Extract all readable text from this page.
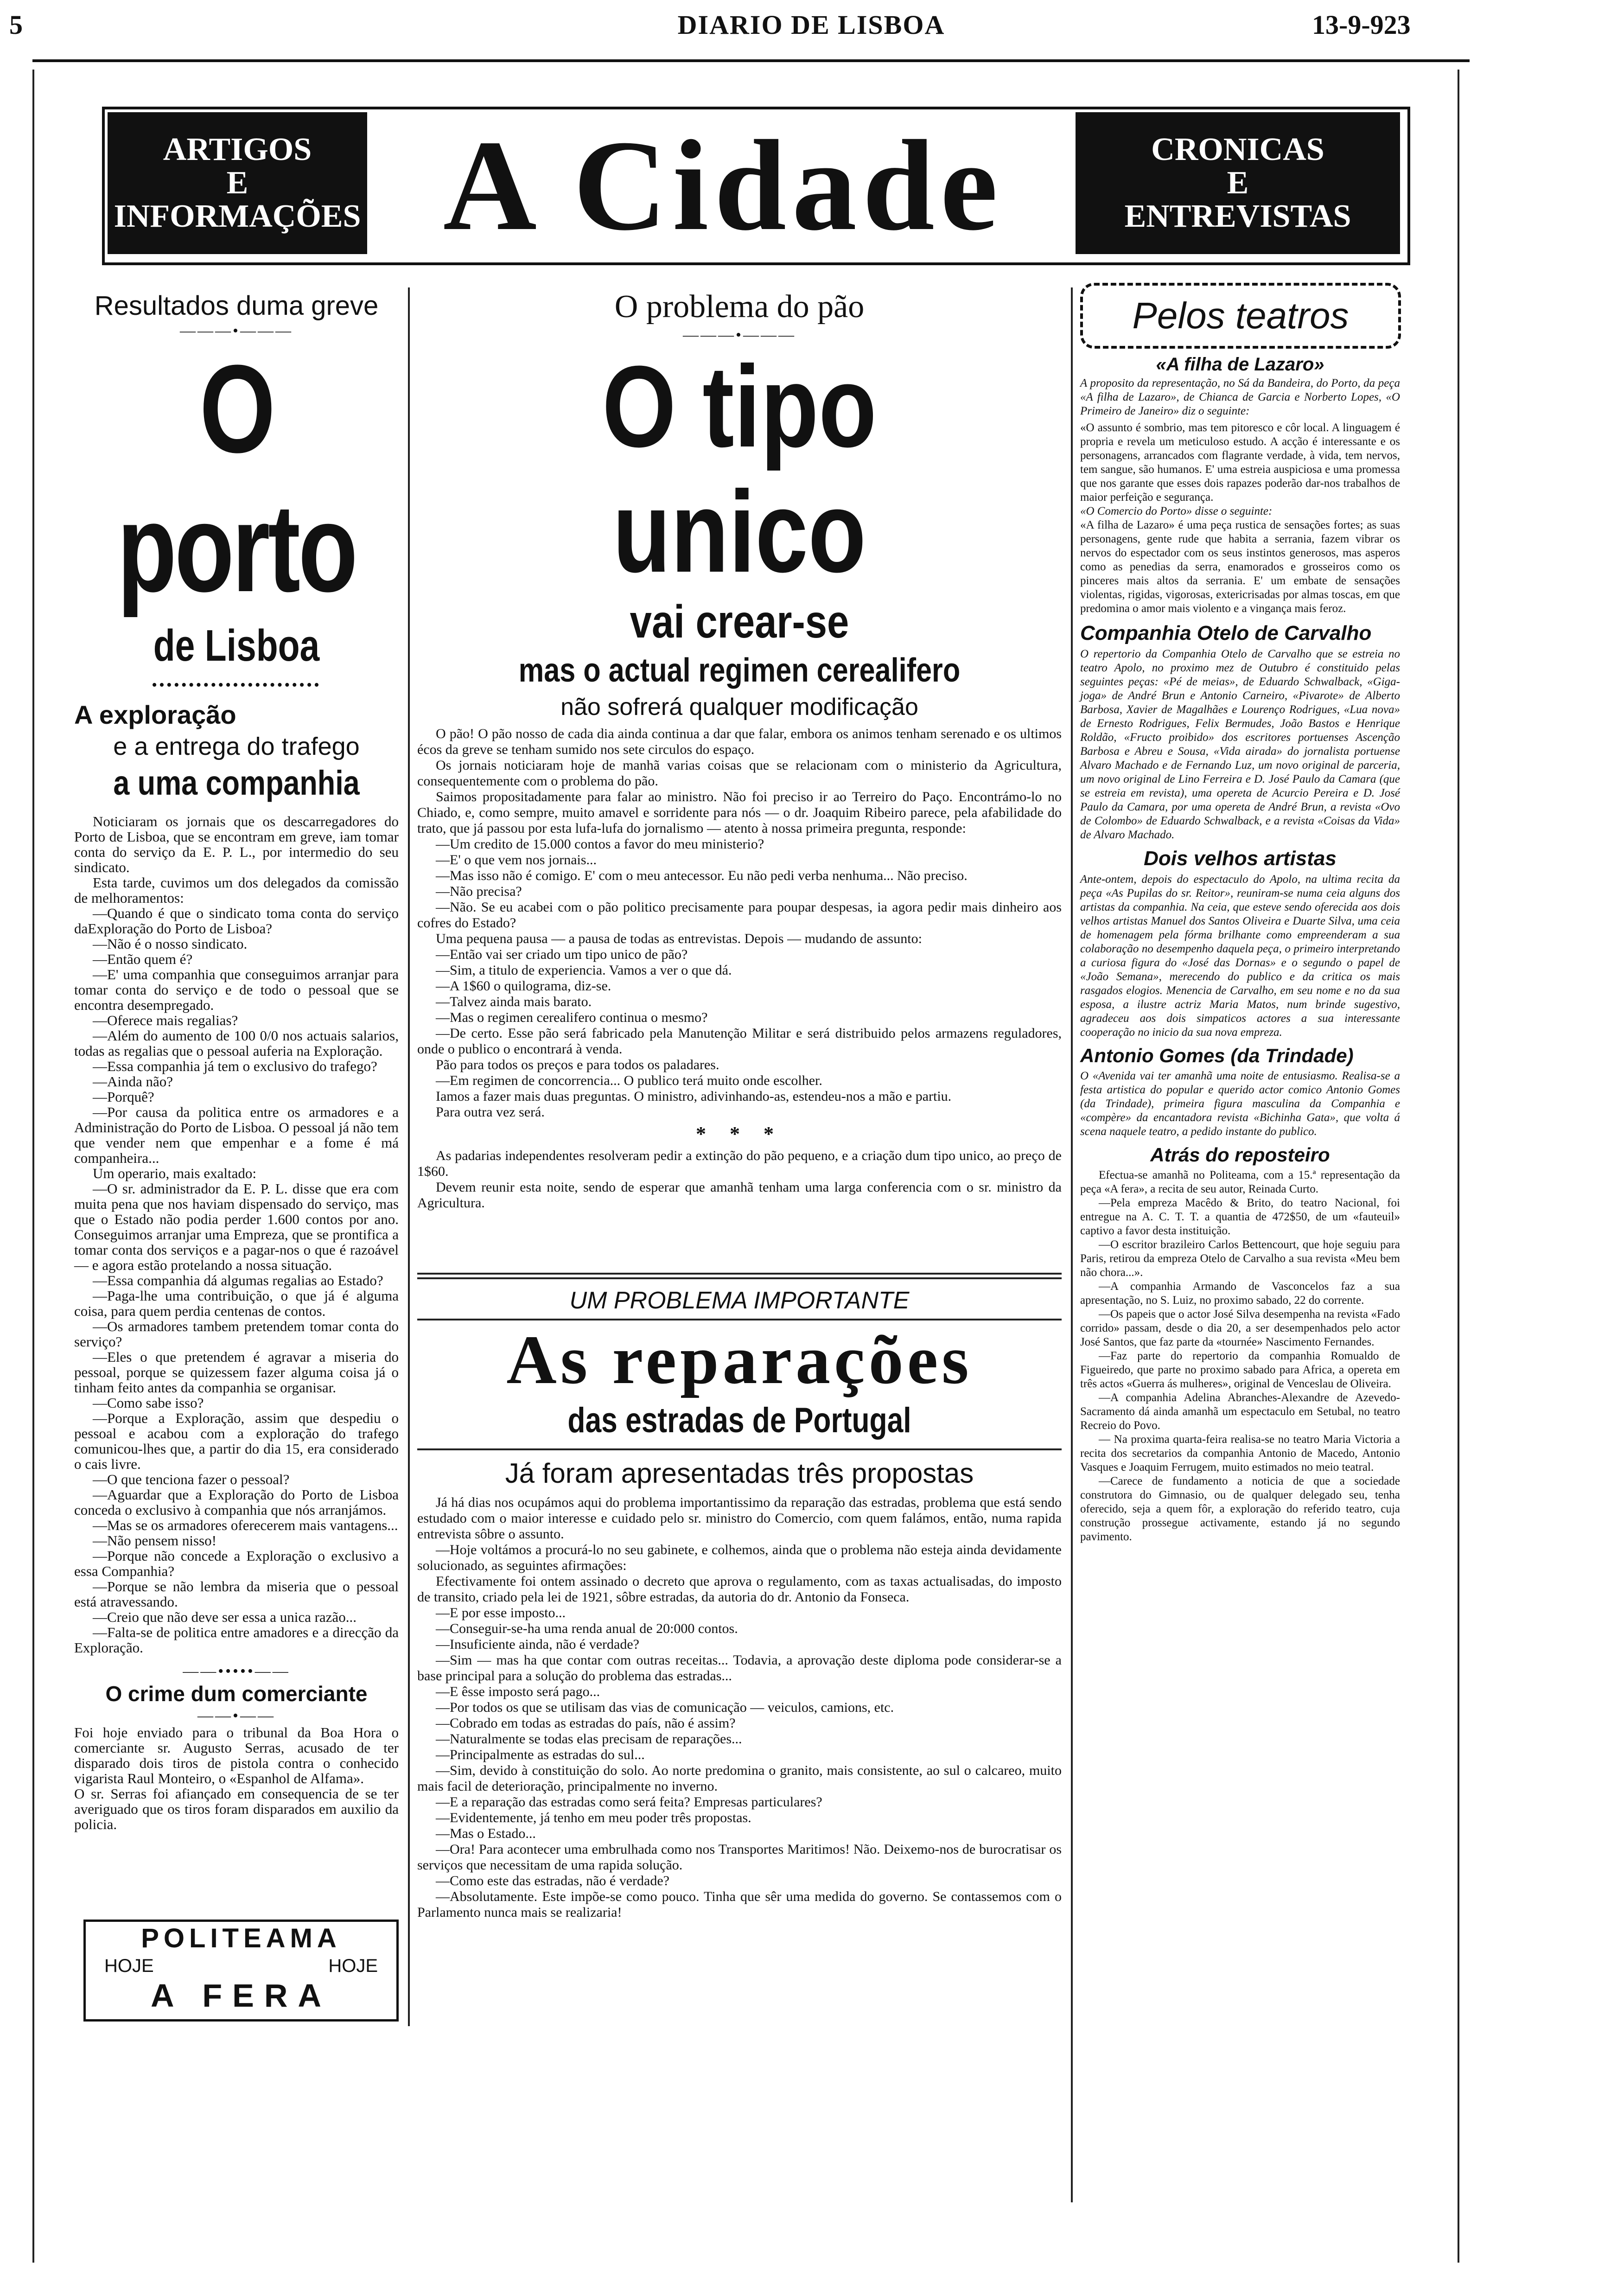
5	DIARIO DE LISBOA	13-9-923
ARTIGOS
E
INFORMAÇÕES A Cidade	CRONICAS
E
ENTREVISTAS
Resultados duma greve
———•———
O porto
de Lisboa
•••••••••••••••••••••••
A exploração
e a entrega do trafego
a uma companhia

Noticiaram os jornais que os descarregadores do Porto de Lisboa, que se encontram em greve, iam tomar conta do serviço da E. P. L., por intermedio do seu sindicato.

Esta tarde, cuvimos um dos delegados da comissão de melhoramentos:

—Quando é que o sindicato toma conta do serviço daExploração do Porto de Lisboa?

—Não é o nosso sindicato.

—Então quem é?

—E' uma companhia que conseguimos arranjar para tomar conta do serviço e de todo o pessoal que se encontra desempregado.

—Oferece mais regalias?

—Além do aumento de 100 0/0 nos actuais salarios, todas as regalias que o pessoal auferia na Exploração.

—Essa companhia já tem o exclusivo do trafego?

—Ainda não?

—Porquê?

—Por causa da politica entre os armadores e a Administração do Porto de Lisboa. O pessoal já não tem que vender nem que empenhar e a fome é má companheira...

Um operario, mais exaltado:

—O sr. administrador da E. P. L. disse que era com muita pena que nos haviam dispensado do serviço, mas que o Estado não podia perder 1.600 contos por ano. Conseguimos arranjar uma Empreza, que se prontifica a tomar conta dos serviços e a pagar-nos o que é razoável — e agora estão protelando a nossa situação.

—Essa companhia dá algumas regalias ao Estado?

—Paga-lhe uma contribuição, o que já é alguma coisa, para quem perdia centenas de contos.

—Os armadores tambem pretendem tomar conta do serviço?

—Eles o que pretendem é agravar a miseria do pessoal, porque se quizessem fazer alguma coisa já o tinham feito antes da companhia se organisar.

—Como sabe isso?

—Porque a Exploração, assim que despediu o pessoal e acabou com a exploração do trafego comunicou-lhes que, a partir do dia 15, era considerado o cais livre.

—O que tenciona fazer o pessoal?

—Aguardar que a Exploração do Porto de Lisboa conceda o exclusivo à companhia que nós arranjámos.

—Mas se os armadores oferecerem mais vantagens...

—Não pensem nisso!

—Porque não concede a Exploração o exclusivo a essa Companhia?

—Porque se não lembra da miseria que o pessoal está atravessando.

—Creio que não deve ser essa a unica razão...

—Falta-se de politica entre amadores e a direcção da Exploração.

——•••••——
O crime dum comerciante
——•——
Foi hoje enviado para o tribunal da Boa Hora o comerciante sr. Augusto Serras, acusado de ter disparado dois tiros de pistola contra o conhecido vigarista Raul Monteiro, o «Espanhol de Alfama».
O sr. Serras foi afiançado em consequencia de se ter averiguado que os tiros foram disparados em auxilio da policia.
POLITEAMA
HOJE	HOJE
A FERA
O problema do pão
———•———
O tipo unico
vai crear-se
mas o actual regimen cerealifero
não sofrerá qualquer modificação

O pão! O pão nosso de cada dia ainda continua a dar que falar, embora os animos tenham serenado e os ultimos écos da greve se tenham sumido nos sete circulos do espaço.

Os jornais noticiaram hoje de manhã varias coisas que se relacionam com o ministerio da Agricultura, consequentemente com o problema do pão.

Saimos propositadamente para falar ao ministro. Não foi preciso ir ao Terreiro do Paço. Encontrámo-lo no Chiado, e, como sempre, muito amavel e sorridente para nós — o dr. Joaquim Ribeiro parece, pela afabilidade do trato, que já passou por esta lufa-lufa do jornalismo — atento à nossa primeira pregunta, responde:

—Um credito de 15.000 contos a favor do meu ministerio?

—E' o que vem nos jornais...

—Mas isso não é comigo. E' com o meu antecessor. Eu não pedi verba nenhuma... Não preciso.

—Não precisa?

—Não. Se eu acabei com o pão politico precisamente para poupar despesas, ia agora pedir mais dinheiro aos cofres do Estado?

Uma pequena pausa — a pausa de todas as entrevistas. Depois — mudando de assunto:

—Então vai ser criado um tipo unico de pão?

—Sim, a titulo de experiencia. Vamos a ver o que dá.

—A 1$60 o quilograma, diz-se.

—Talvez ainda mais barato.

—Mas o regimen cerealifero continua o mesmo?

—De certo. Esse pão será fabricado pela Manutenção Militar e será distribuido pelos armazens reguladores, onde o publico o encontrará à venda.

Pão para todos os preços e para todos os paladares.

—Em regimen de concorrencia... O publico terá muito onde escolher.

Iamos a fazer mais duas preguntas. O ministro, adivinhando-as, estendeu-nos a mão e partiu.

Para outra vez será.

* * *

As padarias independentes resolveram pedir a extinção do pão pequeno, e a criação dum tipo unico, ao preço de 1$60.

Devem reunir esta noite, sendo de esperar que amanhã tenham uma larga conferencia com o sr. ministro da Agricultura.

UM PROBLEMA IMPORTANTE
As reparações
das estradas de Portugal
Já foram apresentadas três propostas

Já há dias nos ocupámos aqui do problema importantissimo da reparação das estradas, problema que está sendo estudado com o maior interesse e cuidado pelo sr. ministro do Comercio, com quem falámos, então, numa rapida entrevista sôbre o assunto.

—Hoje voltámos a procurá-lo no seu gabinete, e colhemos, ainda que o problema não esteja ainda devidamente solucionado, as seguintes afirmações:

Efectivamente foi ontem assinado o decreto que aprova o regulamento, com as taxas actualisadas, do imposto de transito, criado pela lei de 1921, sôbre estradas, da autoria do dr. Antonio da Fonseca.

—E por esse imposto...

—Conseguir-se-ha uma renda anual de 20:000 contos.

—Insuficiente ainda, não é verdade?

—Sim — mas ha que contar com outras receitas... Todavia, a aprovação deste diploma pode considerar-se a base principal para a solução do problema das estradas...

—E êsse imposto será pago...

—Por todos os que se utilisam das vias de comunicação — veiculos, camions, etc.

—Cobrado em todas as estradas do país, não é assim?

—Naturalmente se todas elas precisam de reparações...

—Principalmente as estradas do sul...

—Sim, devido à constituição do solo. Ao norte predomina o granito, mais consistente, ao sul o calcareo, muito mais facil de deterioração, principalmente no inverno.

—E a reparação das estradas como será feita? Empresas particulares?

—Evidentemente, já tenho em meu poder três propostas.

—Mas o Estado...

—Ora! Para acontecer uma embrulhada como nos Transportes Maritimos! Não. Deixemo-nos de burocratisar os serviços que necessitam de uma rapida solução.

—Como este das estradas, não é verdade?

—Absolutamente. Este impõe-se como pouco. Tinha que sêr uma medida do governo. Se contassemos com o Parlamento nunca mais se realizaria!

Pelos teatros
«A filha de Lazaro»
A proposito da representação, no Sá da Bandeira, do Porto, da peça «A filha de Lazaro», de Chianca de Garcia e Norberto Lopes, «O Primeiro de Janeiro» diz o seguinte:
«O assunto é sombrio, mas tem pitoresco e côr local. A linguagem é propria e revela um meticuloso estudo. A acção é interessante e os personagens, arrancados com flagrante verdade, à vida, tem nervos, tem sangue, são humanos. E' uma estreia auspiciosa e uma promessa que nos garante que esses dois rapazes poderão dar-nos trabalhos de maior perfeição e segurança.
«O Comercio do Porto» disse o seguinte:
«A filha de Lazaro» é uma peça rustica de sensações fortes; as suas personagens, gente rude que habita a serrania, fazem vibrar os nervos do espectador com os seus instintos generosos, mas asperos como as penedias da serra, enamorados e grosseiros como os pinceres mais altos da serrania. E' um embate de sensações violentas, rigidas, vigorosas, extericrisadas por almas toscas, em que predomina o amor mais violento e a vingança mais feroz.
Companhia Otelo de Carvalho
O repertorio da Companhia Otelo de Carvalho que se estreia no teatro Apolo, no proximo mez de Outubro é constituido pelas seguintes peças: «Pé de meias», de Eduardo Schwalback, «Giga-joga» de André Brun e Antonio Carneiro, «Pivarote» de Alberto Barbosa, Xavier de Magalhães e Lourenço Rodrigues, «Lua nova» de Ernesto Rodrigues, Felix Bermudes, João Bastos e Henrique Roldão, «Fructo proibido» dos escritores portuenses Ascenção Barbosa e Abreu e Sousa, «Vida airada» do jornalista portuense Alvaro Machado e de Fernando Luz, um novo original de parceria, um novo original de Lino Ferreira e D. José Paulo da Camara (que se estreia em revista), uma opereta de Acurcio Pereira e D. José Paulo da Camara, por uma opereta de André Brun, a revista «Ovo de Colombo» de Eduardo Schwalback, e a revista «Coisas da Vida» de Alvaro Machado.
Dois velhos artistas
Ante-ontem, depois do espectaculo do Apolo, na ultima recita da peça «As Pupilas do sr. Reitor», reuniram-se numa ceia alguns dos artistas da companhia. Na ceia, que esteve sendo oferecida aos dois velhos artistas Manuel dos Santos Oliveira e Duarte Silva, uma ceia de homenagem pela fórma brilhante como empreenderam a sua colaboração no desempenho daquela peça, o primeiro interpretando a curiosa figura do «José das Dornas» e o segundo o papel de «João Semana», merecendo do publico e da critica os mais rasgados elogios. Menencia de Carvalho, em seu nome e no da sua esposa, a ilustre actriz Maria Matos, num brinde sugestivo, agradeceu aos dois simpaticos actores a sua interessante cooperação no inicio da sua nova empreza.
Antonio Gomes (da Trindade)
O «Avenida vai ter amanhã uma noite de entusiasmo. Realisa-se a festa artistica do popular e querido actor comico Antonio Gomes (da Trindade), primeira figura masculina da Companhia e «compère» da encantadora revista «Bichinha Gata», que volta á scena naquele teatro, a pedido instante do publico.
Atrás do reposteiro

Efectua-se amanhã no Politeama, com a 15.ª representação da peça «A fera», a recita de seu autor, Reinada Curto.

—Pela empreza Macêdo & Brito, do teatro Nacional, foi entregue na A. C. T. T. a quantia de 472$50, de um «fauteuil» captivo a favor desta instituição.

—O escritor brazileiro Carlos Bettencourt, que hoje seguiu para Paris, retirou da empreza Otelo de Carvalho a sua revista «Meu bem não chora...».

—A companhia Armando de Vasconcelos faz a sua apresentação, no S. Luiz, no proximo sabado, 22 do corrente.

—Os papeis que o actor José Silva desempenha na revista «Fado corrido» passam, desde o dia 20, a ser desempenhados pelo actor José Santos, que faz parte da «tournée» Nascimento Fernandes.

—Faz parte do repertorio da companhia Romualdo de Figueiredo, que parte no proximo sabado para Africa, a opereta em três actos «Guerra ás mulheres», original de Venceslau de Oliveira.

—A companhia Adelina Abranches-Alexandre de Azevedo-Sacramento dá ainda amanhã um espectaculo em Setubal, no teatro Recreio do Povo.

— Na proxima quarta-feira realisa-se no teatro Maria Victoria a recita dos secretarios da companhia Antonio de Macedo, Antonio Vasques e Joaquim Ferrugem, muito estimados no meio teatral.

—Carece de fundamento a noticia de que a sociedade construtora do Gimnasio, ou de qualquer delegado seu, tenha oferecido, seja a quem fôr, a exploração do referido teatro, cuja construção prossegue activamente, estando já no segundo pavimento.
